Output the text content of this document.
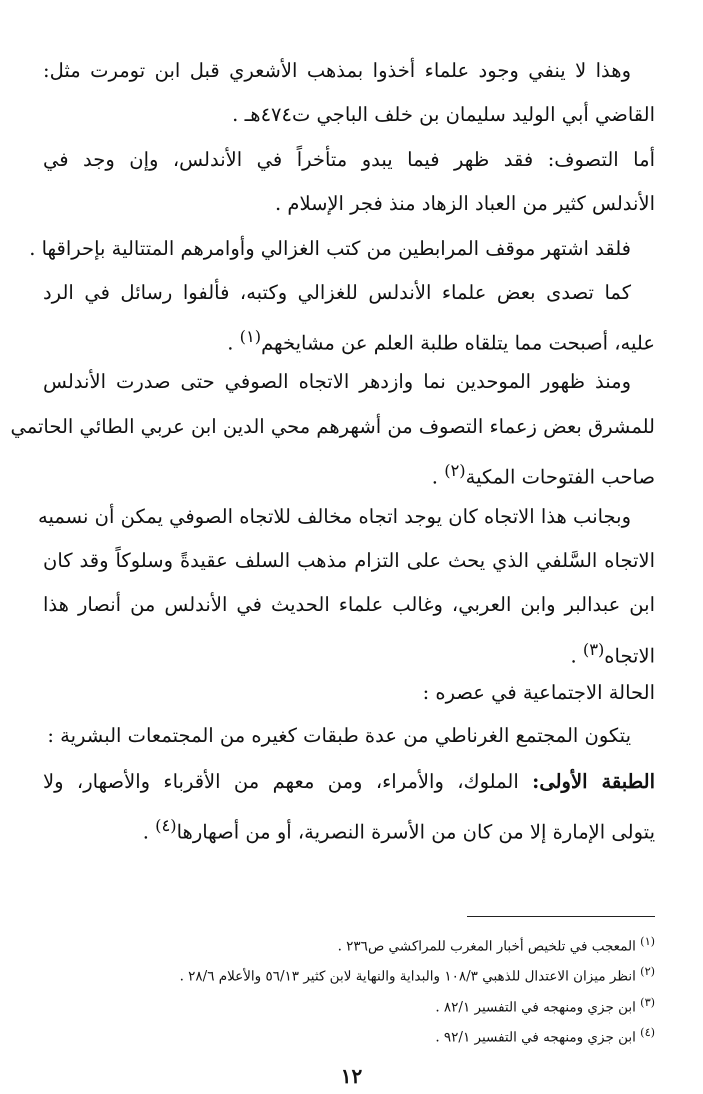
وهذا لا ينفي وجود علماء أخذوا بمذهب الأشعري قبل ابن تومرت مثل:
القاضي أبي الوليد سليمان بن خلف الباجي ت٤٧٤هـ .
أما التصوف: فقد ظهر فيما يبدو متأخراً في الأندلس، وإن وجد في
الأندلس كثير من العباد الزهاد منذ فجر الإسلام .
فلقد اشتهر موقف المرابطين من كتب الغزالي وأوامرهم المتتالية بإحراقها .
كما تصدى بعض علماء الأندلس للغزالي وكتبه، فألفوا رسائل في الرد
عليه، أصبحت مما يتلقاه طلبة العلم عن مشايخهم$^{(١)}$ .
ومنذ ظهور الموحدين نما وازدهر الاتجاه الصوفي حتى صدرت الأندلس
للمشرق بعض زعماء التصوف من أشهرهم محي الدين ابن عربي الطائي الحاتمي
صاحب الفتوحات المكية$^{(٢)}$ .
وبجانب هذا الاتجاه كان يوجد اتجاه مخالف للاتجاه الصوفي يمكن أن نسميه
الاتجاه السَّلفي الذي يحث على التزام مذهب السلف عقيدةً وسلوكاً وقد كان
ابن عبدالبر وابن العربي، وغالب علماء الحديث في الأندلس من أنصار هذا
الاتجاه$^{(٣)}$ .
الحالة الاجتماعية في عصره :
يتكون المجتمع الغرناطي من عدة طبقات كغيره من المجتمعات البشرية :
الطبقة الأولى: الملوك، والأمراء، ومن معهم من الأقرباء والأصهار، ولا
يتولى الإمارة إلا من كان من الأسرة النصرية، أو من أصهارها$^{(٤)}$ .
$^{(١)}$ المعجب في تلخيص أخبار المغرب للمراكشي ص٢٣٦ .
$^{(٢)}$ انظر ميزان الاعتدال للذهبي ١٠٨/٣ والبداية والنهاية لابن كثير ٥٦/١٣ والأعلام ٢٨/٦ .
$^{(٣)}$ ابن جزي ومنهجه في التفسير ٨٢/١ .
$^{(٤)}$ ابن جزي ومنهجه في التفسير ٩٢/١ .
١٢
